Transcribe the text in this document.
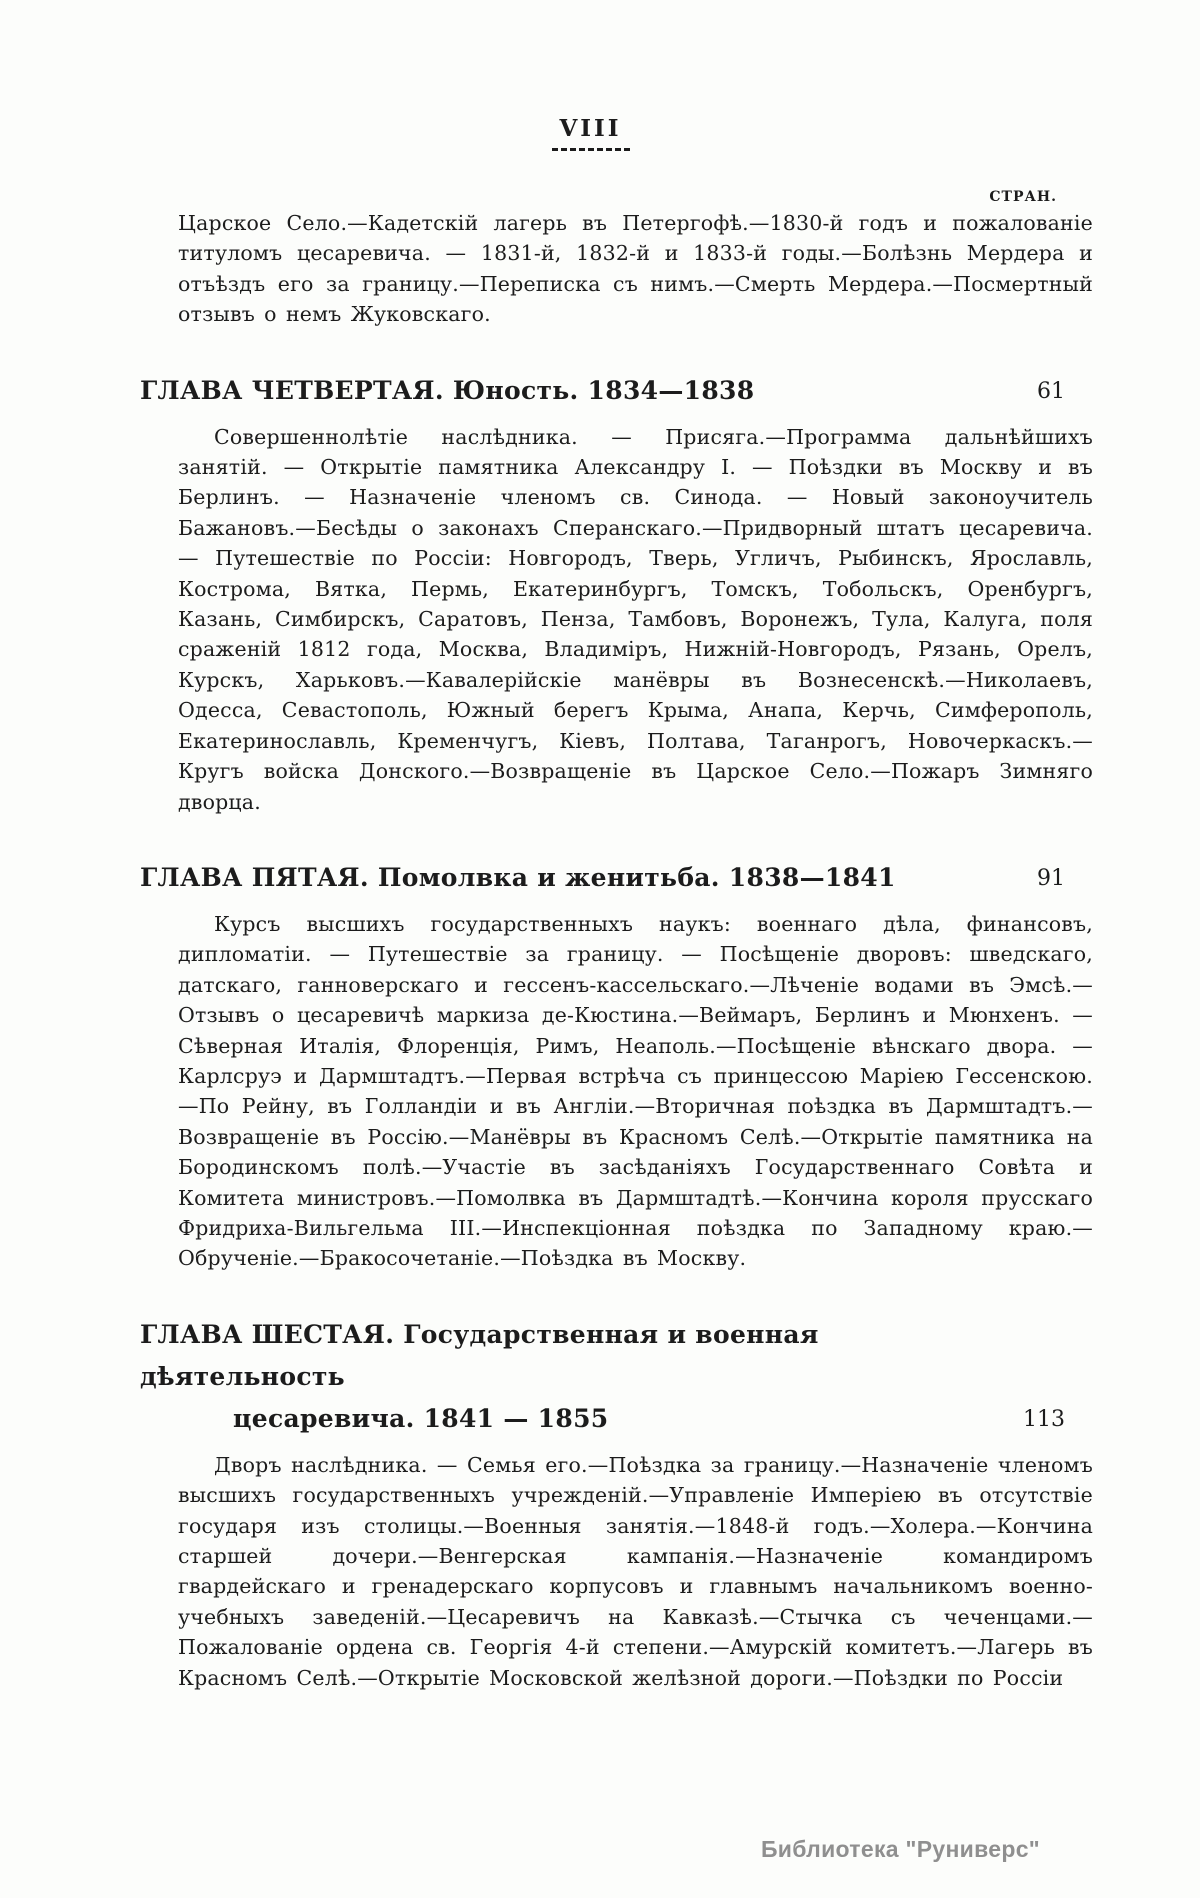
VIII
СТРАН.

Царское Село.—Кадетскій лагерь въ Петергофѣ.—1830-й годъ и пожалованіе титуломъ цесаревича. — 1831-й, 1832-й и 1833-й годы.—Болѣзнь Мердера и отъѣздъ его за границу.—Переписка съ нимъ.—Смерть Мердера.—Посмертный отзывъ о немъ Жуковскаго.

ГЛАВА ЧЕТВЕРТАЯ. Юность. 1834—1838	61

Совершеннолѣтіе наслѣдника. — Присяга.—Программа дальнѣйшихъ занятій. — Открытіе памятника Александру I. — Поѣздки въ Москву и въ Берлинъ. — Назначеніе членомъ св. Синода. — Новый законоучитель Бажановъ.—Бесѣды о законахъ Сперанскаго.—Придворный штатъ цесаревича. — Путешествіе по Россіи: Новгородъ, Тверь, Угличъ, Рыбинскъ, Ярославль, Кострома, Вятка, Пермь, Екатеринбургъ, Томскъ, Тобольскъ, Оренбургъ, Казань, Симбирскъ, Саратовъ, Пенза, Тамбовъ, Воронежъ, Тула, Калуга, поля сраженій 1812 года, Москва, Владиміръ, Нижній-Новгородъ, Рязань, Орелъ, Курскъ, Харьковъ.—Кавалерійскіе манёвры въ Вознесенскѣ.—Николаевъ, Одесса, Севастополь, Южный берегъ Крыма, Анапа, Керчь, Симферополь, Екатеринославль, Кременчугъ, Кіевъ, Полтава, Таганрогъ, Новочеркаскъ.—Кругъ войска Донского.—Возвращеніе въ Царское Село.—Пожаръ Зимняго дворца.

ГЛАВА ПЯТАЯ. Помолвка и женитьба. 1838—1841	91

Курсъ высшихъ государственныхъ наукъ: военнаго дѣла, финансовъ, дипломатіи. — Путешествіе за границу. — Посѣщеніе дворовъ: шведскаго, датскаго, ганноверскаго и гессенъ-кассельскаго.—Лѣченіе водами въ Эмсѣ.—Отзывъ о цесаревичѣ маркиза де-Кюстина.—Веймаръ, Берлинъ и Мюнхенъ. — Сѣверная Италія, Флоренція, Римъ, Неаполь.—Посѣщеніе вѣнскаго двора. — Карлсруэ и Дармштадтъ.—Первая встрѣча съ принцессою Маріею Гессенскою.—По Рейну, въ Голландіи и въ Англіи.—Вторичная поѣздка въ Дармштадтъ.—Возвращеніе въ Россію.—Манёвры въ Красномъ Селѣ.—Открытіе памятника на Бородинскомъ полѣ.—Участіе въ засѣданіяхъ Государственнаго Совѣта и Комитета министровъ.—Помолвка въ Дармштадтѣ.—Кончина короля прусскаго Фридриха-Вильгельма III.—Инспекціонная поѣздка по Западному краю.—Обрученіе.—Бракосочетаніе.—Поѣздка въ Москву.

ГЛАВА ШЕСТАЯ. Государственная и военная дѣятельность
цесаревича. 1841 — 1855	113

Дворъ наслѣдника. — Семья его.—Поѣздка за границу.—Назначеніе членомъ высшихъ государственныхъ учрежденій.—Управленіе Имперіею въ отсутствіе государя изъ столицы.—Военныя занятія.—1848-й годъ.—Холера.—Кончина старшей дочери.—Венгерская кампанія.—Назначеніе командиромъ гвардейскаго и гренадерскаго корпусовъ и главнымъ начальникомъ военно-учебныхъ заведеній.—Цесаревичъ на Кавказѣ.—Стычка съ чеченцами.—Пожалованіе ордена св. Георгія 4-й степени.—Амурскій комитетъ.—Лагерь въ Красномъ Селѣ.—Открытіе Московской желѣзной дороги.—Поѣздки по Россіи

Библиотека "Руниверс"
